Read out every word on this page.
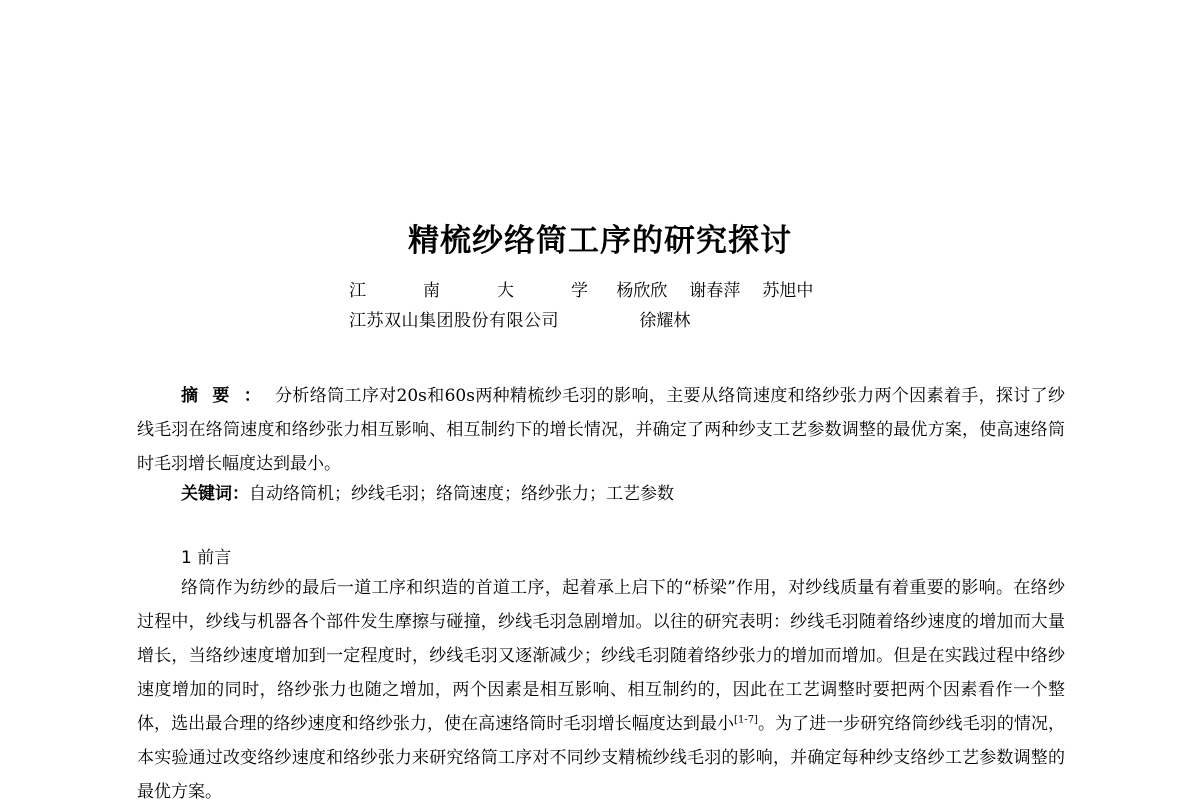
精梳纱络筒工序的研究探讨
江	南	大	学 杨欣欣 谢春萍 苏旭中
江苏双山集团股份有限公司	徐耀林
摘要：分析络筒工序对20s和60s两种精梳纱毛羽的影响，主要从络筒速度和络纱张力两个因素着手，探讨了纱线毛羽在络筒速度和络纱张力相互影响、相互制约下的增长情况，并确定了两种纱支工艺参数调整的最优方案，使高速络筒时毛羽增长幅度达到最小。
关键词：自动络筒机；纱线毛羽；络筒速度；络纱张力；工艺参数
1 前言
络筒作为纺纱的最后一道工序和织造的首道工序，起着承上启下的“桥梁”作用，对纱线质量有着重要的影响。在络纱过程中，纱线与机器各个部件发生摩擦与碰撞，纱线毛羽急剧增加。以往的研究表明：纱线毛羽随着络纱速度的增加而大量增长，当络纱速度增加到一定程度时，纱线毛羽又逐渐减少；纱线毛羽随着络纱张力的增加而增加。但是在实践过程中络纱速度增加的同时，络纱张力也随之增加，两个因素是相互影响、相互制约的，因此在工艺调整时要把两个因素看作一个整体，选出最合理的络纱速度和络纱张力，使在高速络筒时毛羽增长幅度达到最小[1-7]。为了进一步研究络筒纱线毛羽的情况，本实验通过改变络纱速度和络纱张力来研究络筒工序对不同纱支精梳纱线毛羽的影响，并确定每种纱支络纱工艺参数调整的最优方案。
